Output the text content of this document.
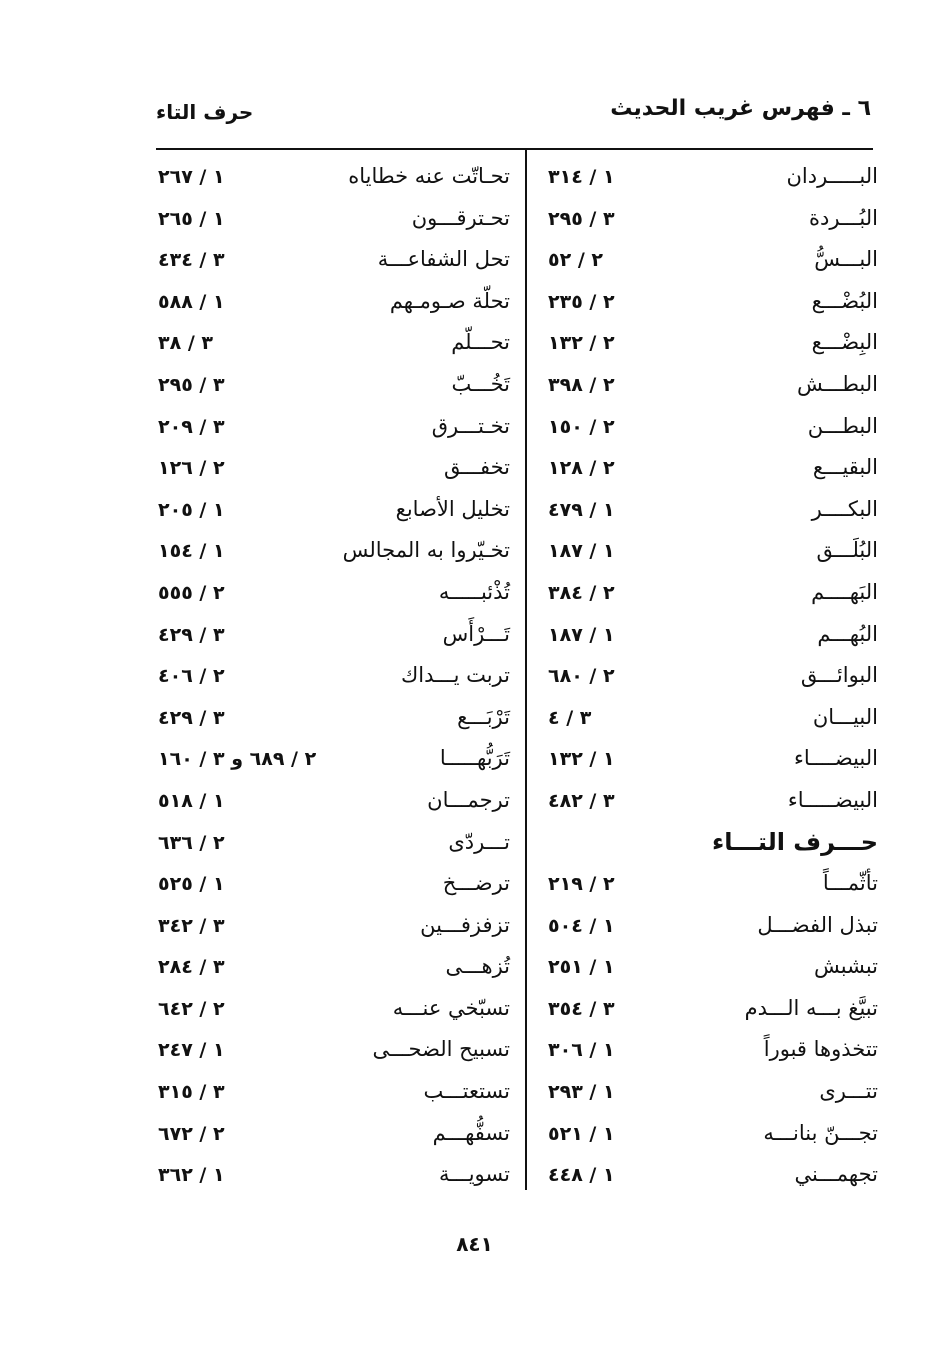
٦ ـ فهرس غريب الحديث
حرف التاء
البـــــردان
١ / ٣١٤
البُـــردة
٣ / ٢٩٥
البـــسُّ
٢ / ٥٢
البُضْـــع
٢ / ٢٣٥
البِضْـــع
٢ / ١٣٢
البطـــش
٢ / ٣٩٨
البطـــن
٢ / ١٥٠
البقيـــع
٢ / ١٢٨
البكــــر
١ / ٤٧٩
البُلَـــق
١ / ١٨٧
البَهــــم
٢ / ٣٨٤
البُهـــم
١ / ١٨٧
البوائـــق
٢ / ٦٨٠
البيـــان
٣ / ٤
البيضــــاء
١ / ١٣٢
البيضـــــاء
٣ / ٤٨٢
حـــرف التـــاء
تأثّمـــاً
٢ / ٢١٩
تبذل الفضـــل
١ / ٥٠٤
تبشبش
١ / ٢٥١
تبيَّغ بـــه الـــدم
٣ / ٣٥٤
تتخذوها قبوراً
١ / ٣٠٦
تتـــرى
١ / ٢٩٣
تجـــنّ بنانـــه
١ / ٥٢١
تجهمـــني
١ / ٤٤٨
تحـاتّت عنه خطاياه
١ / ٢٦٧
تحـترقـــون
١ / ٢٦٥
تحل الشفاعـــة
٣ / ٤٣٤
تحلّة صـومـهم
١ / ٥٨٨
تحـــلّم
٣ / ٣٨
تَخُـــبّ
٣ / ٢٩٥
تخـتـــرق
٣ / ٢٠٩
تخفـــق
٢ / ١٢٦
تخليل الأصابع
١ / ٢٠٥
تخـيّروا به المجالس
١ / ١٥٤
تُذْئبـــــه
٢ / ٥٥٥
تَـــرْأَس
٣ / ٤٢٩
تربت يـــداك
٢ / ٤٠٦
تَرْبَـــع
٣ / ٤٢٩
تَرَبُّهـــــا
٢ / ٦٨٩ و ٣ / ١٦٠
ترجمـــان
١ / ٥١٨
تـــردّى
٢ / ٦٣٦
ترضـــخ
١ / ٥٢٥
تزفزفـــين
٣ / ٣٤٢
تُزهـــى
٣ / ٢٨٤
تسبّخي عنـــه
٢ / ٦٤٢
تسبيح الضحـــى
١ / ٢٤٧
تستعتـــب
٣ / ٣١٥
تسفُّهـــم
٢ / ٦٧٢
تسويـــة
١ / ٣٦٢
٨٤١
